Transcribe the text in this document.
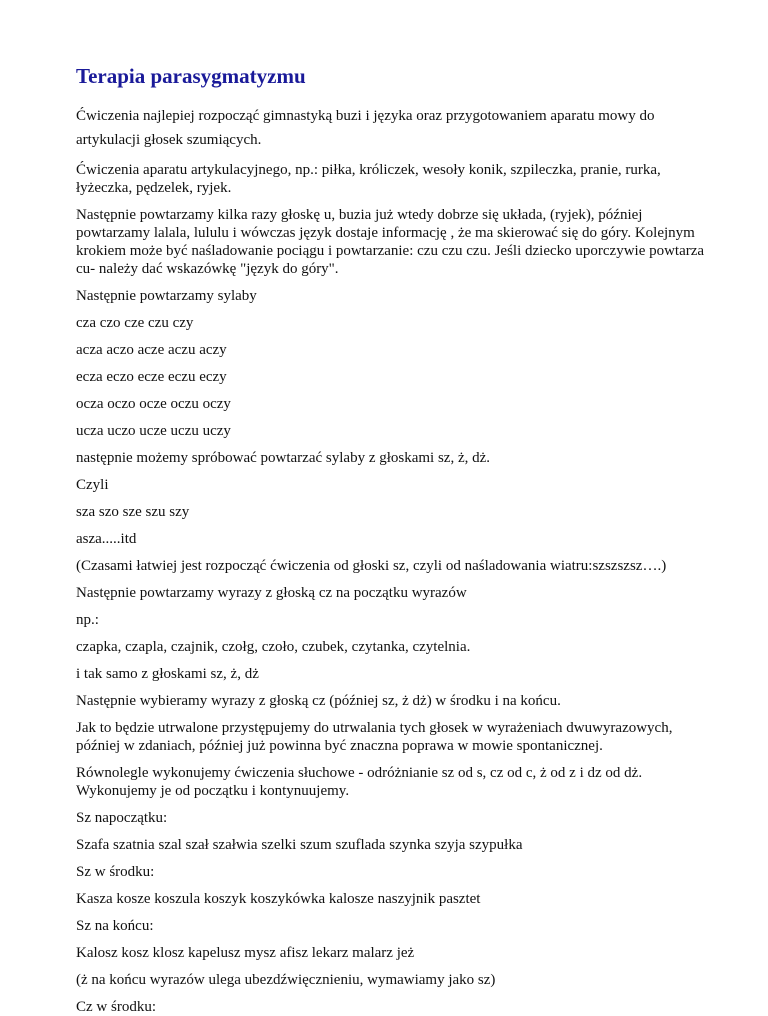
Terapia parasygmatyzmu

Ćwiczenia najlepiej rozpocząć gimnastyką buzi i języka oraz przygotowaniem aparatu mowy do artykulacji głosek szumiących.

Ćwiczenia aparatu artykulacyjnego, np.: piłka, króliczek, wesoły konik, szpileczka, pranie, rurka, łyżeczka, pędzelek, ryjek.

Następnie powtarzamy kilka razy głoskę u, buzia już wtedy dobrze się układa, (ryjek), później powtarzamy lalala, lululu i wówczas język dostaje informację , że ma skierować się do góry. Kolejnym krokiem może być naśladowanie pociągu i powtarzanie: czu czu czu. Jeśli dziecko uporczywie powtarza cu- należy dać wskazówkę "język do góry".

Następnie powtarzamy sylaby

cza czo cze czu czy

acza aczo acze aczu aczy

ecza eczo ecze eczu eczy

ocza oczo ocze oczu oczy

ucza uczo ucze uczu uczy

następnie możemy spróbować powtarzać sylaby z głoskami sz, ż, dż.

Czyli

sza szo sze szu szy

asza.....itd

(Czasami łatwiej jest rozpocząć ćwiczenia od głoski sz, czyli od naśladowania wiatru:szszszsz….)

Następnie powtarzamy wyrazy z głoską cz na początku wyrazów

np.:

czapka, czapla, czajnik, czołg, czoło, czubek, czytanka, czytelnia.

i tak samo z głoskami sz, ż, dż

Następnie wybieramy wyrazy z głoską cz (później sz, ż dż) w środku i na końcu.

Jak to będzie utrwalone przystępujemy do utrwalania tych głosek w wyrażeniach dwuwyrazowych, później w zdaniach, później już powinna być znaczna poprawa w mowie spontanicznej.

Równolegle wykonujemy ćwiczenia słuchowe - odróżnianie sz od s, cz od c, ż od z i dz od dż. Wykonujemy je od początku i kontynuujemy.

Sz napoczątku:

Szafa szatnia szal szał szałwia szelki szum szuflada szynka szyja szypułka

Sz w środku:

Kasza kosze koszula koszyk koszykówka kalosze naszyjnik pasztet

Sz na końcu:

Kalosz kosz klosz kapelusz mysz afisz lekarz malarz jeż

(ż na końcu wyrazów ulega ubezdźwięcznieniu, wymawiamy jako sz)

Cz w środku:
